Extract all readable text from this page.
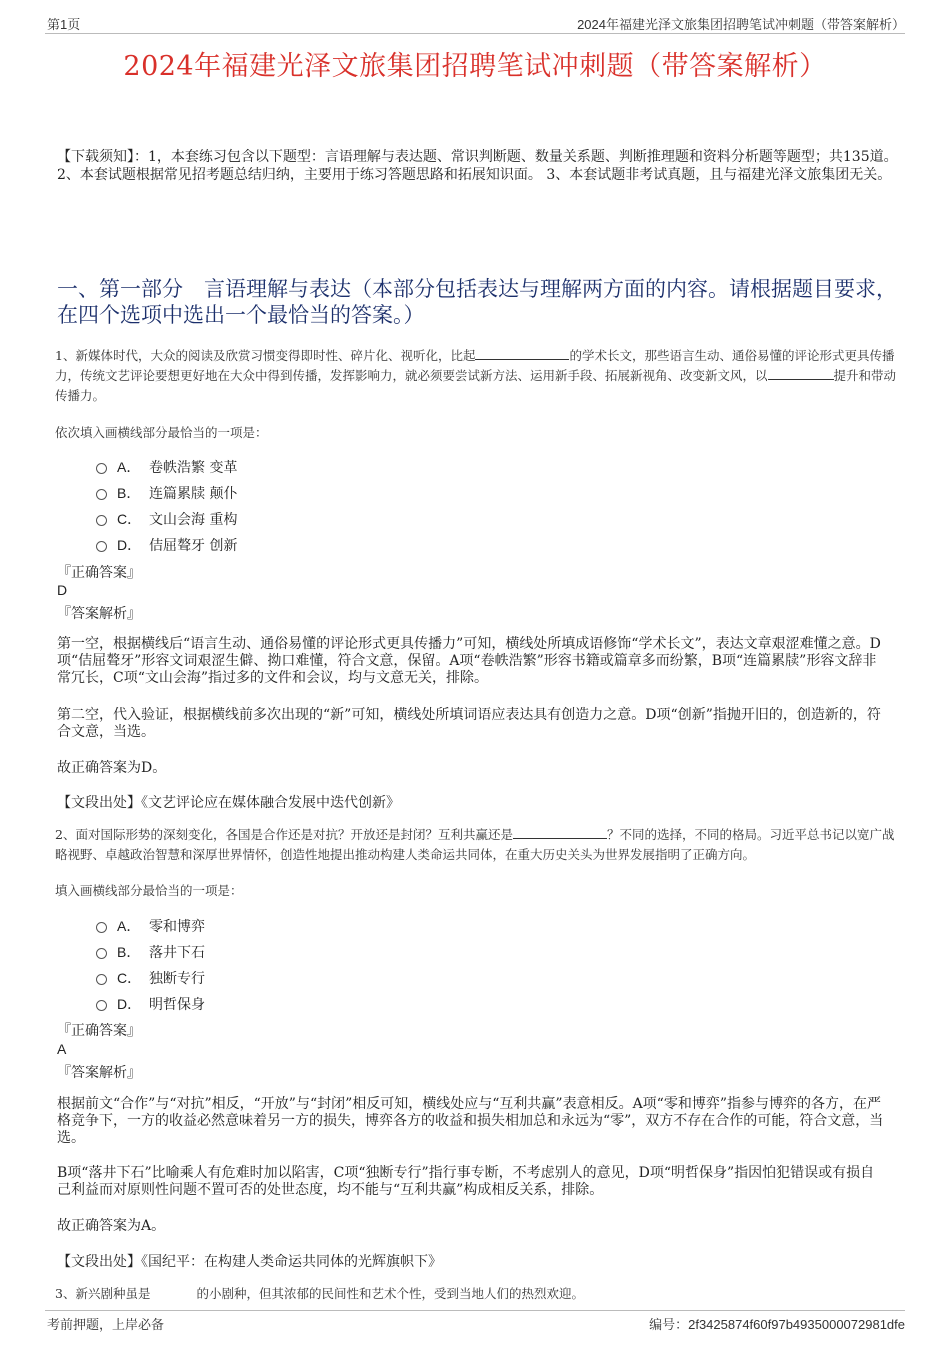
第1页	2024年福建光泽文旅集团招聘笔试冲刺题（带答案解析）
2024年福建光泽文旅集团招聘笔试冲刺题（带答案解析）
【下载须知】：1，本套练习包含以下题型：言语理解与表达题、常识判断题、数量关系题、判断推理题和资料分析题等题型；共135道。 2、本套试题根据常见招考题总结归纳，主要用于练习答题思路和拓展知识面。 3、本套试题非考试真题，且与福建光泽文旅集团无关。
一、第一部分　言语理解与表达（本部分包括表达与理解两方面的内容。请根据题目要求，在四个选项中选出一个最恰当的答案。）
1、新媒体时代，大众的阅读及欣赏习惯变得即时性、碎片化、视听化，比起	的学术长文，那些语言生动、通俗易懂的评论形式更具传播力，传统文艺评论要想更好地在大众中得到传播，发挥影响力，就必须要尝试新方法、运用新手段、拓展新视角、改变新文风，以	提升和带动传播力。
依次填入画横线部分最恰当的一项是：
A． 卷帙浩繁 变革
B． 连篇累牍 颠仆
C． 文山会海 重构
D． 佶屈聱牙 创新
『正确答案』
D
『答案解析』
第一空，根据横线后“语言生动、通俗易懂的评论形式更具传播力”可知，横线处所填成语修饰“学术长文”，表达文章艰涩难懂之意。D项“佶屈聱牙”形容文词艰涩生僻、拗口难懂，符合文意，保留。A项“卷帙浩繁”形容书籍或篇章多而纷繁，B项“连篇累牍”形容文辞非常冗长，C项“文山会海”指过多的文件和会议，均与文意无关，排除。
第二空，代入验证，根据横线前多次出现的“新”可知，横线处所填词语应表达具有创造力之意。D项“创新”指抛开旧的，创造新的，符合文意，当选。
故正确答案为D。
【文段出处】《文艺评论应在媒体融合发展中迭代创新》
2、面对国际形势的深刻变化，各国是合作还是对抗？开放还是封闭？互利共赢还是	？不同的选择，不同的格局。习近平总书记以宽广战略视野、卓越政治智慧和深厚世界情怀，创造性地提出推动构建人类命运共同体，在重大历史关头为世界发展指明了正确方向。
填入画横线部分最恰当的一项是：
A． 零和博弈
B． 落井下石
C． 独断专行
D． 明哲保身
『正确答案』
A
『答案解析』
根据前文“合作”与“对抗”相反，“开放”与“封闭”相反可知，横线处应与“互利共赢”表意相反。A项“零和博弈”指参与博弈的各方，在严格竞争下，一方的收益必然意味着另一方的损失，博弈各方的收益和损失相加总和永远为“零”，双方不存在合作的可能，符合文意，当选。
B项“落井下石”比喻乘人有危难时加以陷害，C项“独断专行”指行事专断，不考虑别人的意见，D项“明哲保身”指因怕犯错误或有损自己利益而对原则性问题不置可否的处世态度，均不能与“互利共赢”构成相反关系，排除。
故正确答案为A。
【文段出处】《国纪平：在构建人类命运共同体的光辉旗帜下》
3、新兴剧种虽是	的小剧种，但其浓郁的民间性和艺术个性，受到当地人们的热烈欢迎。
考前押题，上岸必备	编号：2f3425874f60f97b4935000072981dfe
